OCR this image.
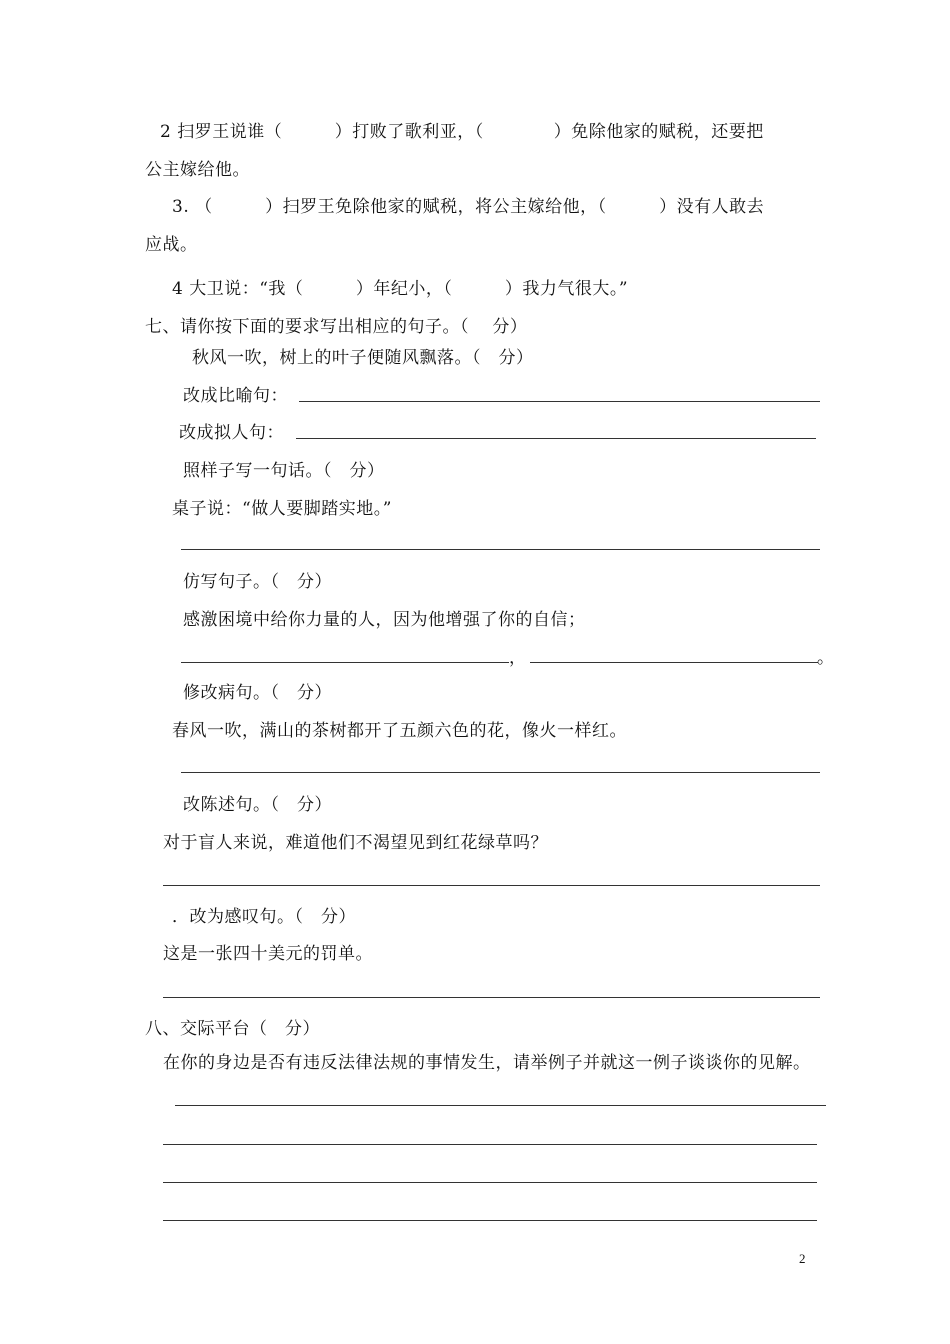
2 扫罗王说谁（　　　）打败了歌利亚，（　　　　）免除他家的赋税，还要把
公主嫁给他。
3. （　　　）扫罗王免除他家的赋税，将公主嫁给他，（　　　）没有人敢去
应战。
4 大卫说：“我（　　　）年纪小，（　　　）我力气很大。”
七、请你按下面的要求写出相应的句子。（　 分）
秋风一吹，树上的叶子便随风飘落。（　分）
改成比喻句：
改成拟人句：
照样子写一句话。（　分）
桌子说：“做人要脚踏实地。”
仿写句子。（　分）
感激困境中给你力量的人，因为他增强了你的自信；
，	。
修改病句。（　分）
春风一吹，满山的茶树都开了五颜六色的花，像火一样红。
改陈述句。（　分）
对于盲人来说，难道他们不渴望见到红花绿草吗？
．改为感叹句。（　分）
这是一张四十美元的罚单。
八、交际平台（　分）
在你的身边是否有违反法律法规的事情发生，请举例子并就这一例子谈谈你的见解。
2
